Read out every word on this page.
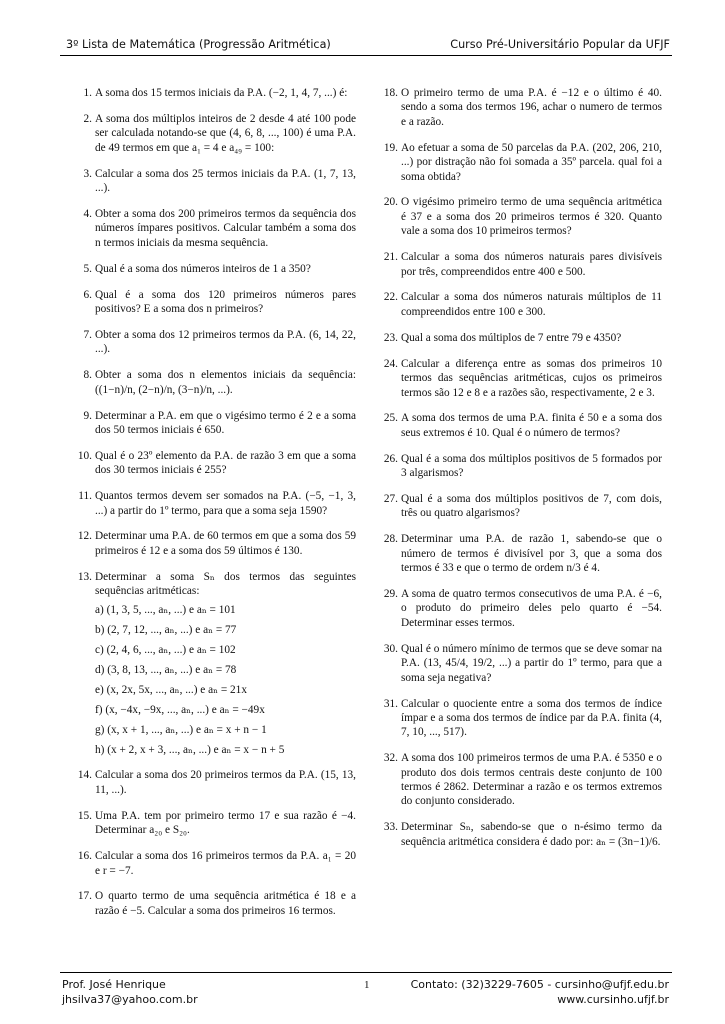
3º Lista de Matemática (Progressão Aritmética)	Curso Pré-Universitário Popular da UFJF
1. A soma dos 15 termos iniciais da P.A. (−2, 1, 4, 7, ...) é:
2. A soma dos múltiplos inteiros de 2 desde 4 até 100 pode ser calculada notando-se que (4, 6, 8, ..., 100) é uma P.A. de 49 termos em que a₁ = 4 e a₄₉ = 100:
3. Calcular a soma dos 25 termos iniciais da P.A. (1, 7, 13, ...).
4. Obter a soma dos 200 primeiros termos da sequência dos números ímpares positivos. Calcular também a soma dos n termos iniciais da mesma sequência.
5. Qual é a soma dos números inteiros de 1 a 350?
6. Qual é a soma dos 120 primeiros números pares positivos? E a soma dos n primeiros?
7. Obter a soma dos 12 primeiros termos da P.A. (6, 14, 22, ...).
8. Obter a soma dos n elementos iniciais da sequência: ((1−n)/n, (2−n)/n, (3−n)/n, ...).
9. Determinar a P.A. em que o vigésimo termo é 2 e a soma dos 50 termos iniciais é 650.
10. Qual é o 23º elemento da P.A. de razão 3 em que a soma dos 30 termos iniciais é 255?
11. Quantos termos devem ser somados na P.A. (−5, −1, 3, ...) a partir do 1º termo, para que a soma seja 1590?
12. Determinar uma P.A. de 60 termos em que a soma dos 59 primeiros é 12 e a soma dos 59 últimos é 130.
13. Determinar a soma Sₙ dos termos das seguintes sequências aritméticas:
a) (1, 3, 5, ..., aₙ, ...) e aₙ = 101
b) (2, 7, 12, ..., aₙ, ...) e aₙ = 77
c) (2, 4, 6, ..., aₙ, ...) e aₙ = 102
d) (3, 8, 13, ..., aₙ, ...) e aₙ = 78
e) (x, 2x, 5x, ..., aₙ, ...) e aₙ = 21x
f) (x, −4x, −9x, ..., aₙ, ...) e aₙ = −49x
g) (x, x + 1, ..., aₙ, ...) e aₙ = x + n − 1
h) (x + 2, x + 3, ..., aₙ, ...) e aₙ = x − n + 5
14. Calcular a soma dos 20 primeiros termos da P.A. (15, 13, 11, ...).
15. Uma P.A. tem por primeiro termo 17 e sua razão é −4. Determinar a₂₀ e S₂₀.
16. Calcular a soma dos 16 primeiros termos da P.A. a₁ = 20 e r = −7.
17. O quarto termo de uma sequência aritmética é 18 e a razão é −5. Calcular a soma dos primeiros 16 termos.
18. O primeiro termo de uma P.A. é −12 e o último é 40. sendo a soma dos termos 196, achar o numero de termos e a razão.
19. Ao efetuar a soma de 50 parcelas da P.A. (202, 206, 210, ...) por distração não foi somada a 35º parcela. qual foi a soma obtida?
20. O vigésimo primeiro termo de uma sequência aritmética é 37 e a soma dos 20 primeiros termos é 320. Quanto vale a soma dos 10 primeiros termos?
21. Calcular a soma dos números naturais pares divisíveis por três, compreendidos entre 400 e 500.
22. Calcular a soma dos números naturais múltiplos de 11 compreendidos entre 100 e 300.
23. Qual a soma dos múltiplos de 7 entre 79 e 4350?
24. Calcular a diferença entre as somas dos primeiros 10 termos das sequências aritméticas, cujos os primeiros termos são 12 e 8 e a razões são, respectivamente, 2 e 3.
25. A soma dos termos de uma P.A. finita é 50 e a soma dos seus extremos é 10. Qual é o número de termos?
26. Qual é a soma dos múltiplos positivos de 5 formados por 3 algarismos?
27. Qual é a soma dos múltiplos positivos de 7, com dois, três ou quatro algarismos?
28. Determinar uma P.A. de razão 1, sabendo-se que o número de termos é divisível por 3, que a soma dos termos é 33 e que o termo de ordem n/3 é 4.
29. A soma de quatro termos consecutivos de uma P.A. é −6, o produto do primeiro deles pelo quarto é −54. Determinar esses termos.
30. Qual é o número mínimo de termos que se deve somar na P.A. (13, 45/4, 19/2, ...) a partir do 1º termo, para que a soma seja negativa?
31. Calcular o quociente entre a soma dos termos de índice ímpar e a soma dos termos de índice par da P.A. finita (4, 7, 10, ..., 517).
32. A soma dos 100 primeiros termos de uma P.A. é 5350 e o produto dos dois termos centrais deste conjunto de 100 termos é 2862. Determinar a razão e os termos extremos do conjunto considerado.
33. Determinar Sₙ, sabendo-se que o n-ésimo termo da sequência aritmética considera é dado por: aₙ = (3n−1)/6.
Prof. José Henrique
jhsilva37@yahoo.com.br
1	Contato: (32)3229-7605 - cursinho@ufjf.edu.br
www.cursinho.ufjf.br
